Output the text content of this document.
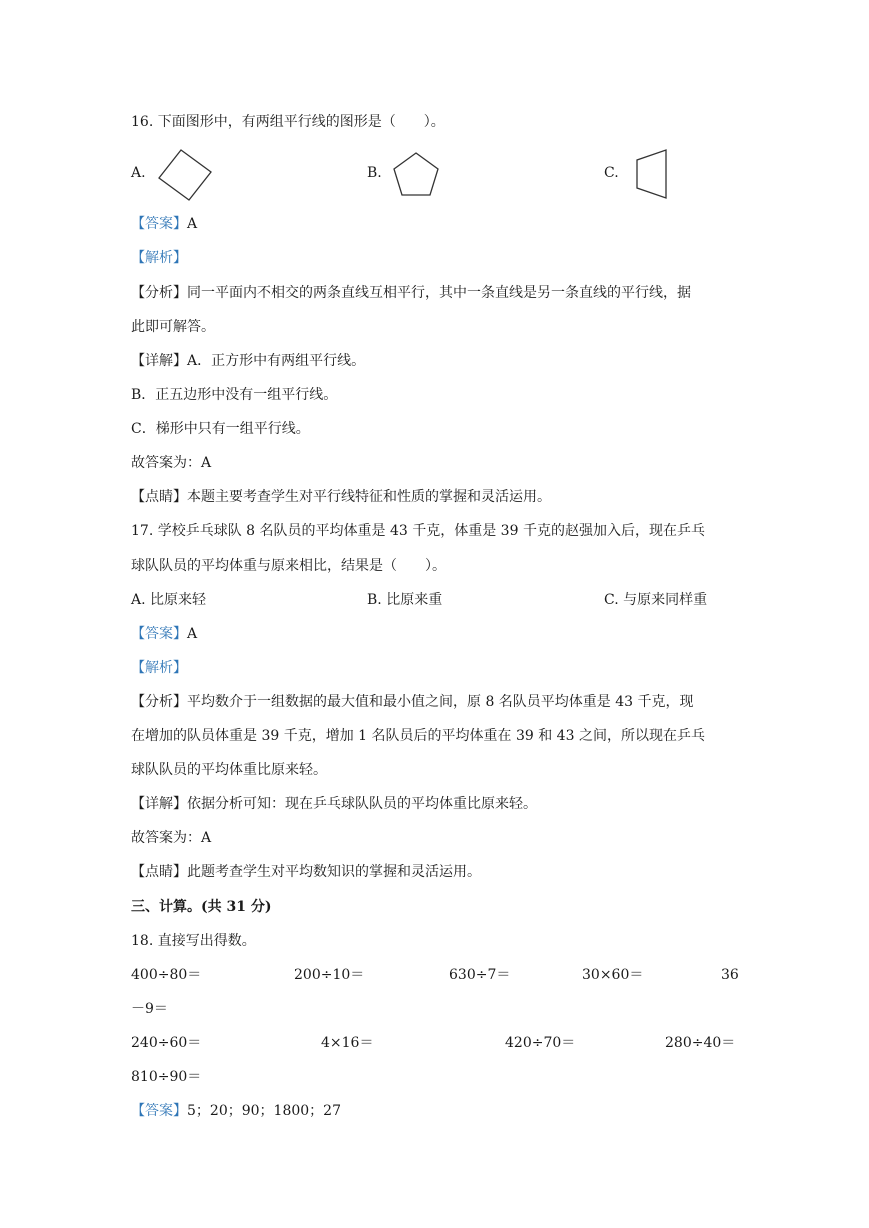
16. 下面图形中，有两组平行线的图形是（　　）。
A.	B.	C.
【答案】A
【解析】
【分析】同一平面内不相交的两条直线互相平行，其中一条直线是另一条直线的平行线，据
此即可解答。
【详解】A．正方形中有两组平行线。
B．正五边形中没有一组平行线。
C．梯形中只有一组平行线。
故答案为：A
【点睛】本题主要考查学生对平行线特征和性质的掌握和灵活运用。
17. 学校乒乓球队 8 名队员的平均体重是 43 千克，体重是 39 千克的赵强加入后，现在乒乓
球队队员的平均体重与原来相比，结果是（　　）。
A. 比原来轻	B. 比原来重	C. 与原来同样重
【答案】A
【解析】
【分析】平均数介于一组数据的最大值和最小值之间，原 8 名队员平均体重是 43 千克，现
在增加的队员体重是 39 千克，增加 1 名队员后的平均体重在 39 和 43 之间，所以现在乒乓
球队队员的平均体重比原来轻。
【详解】依据分析可知：现在乒乓球队队员的平均体重比原来轻。
故答案为：A
【点睛】此题考查学生对平均数知识的掌握和灵活运用。
三、计算。(共 31 分)
18. 直接写出得数。
400÷80＝	200÷10＝	630÷7＝	30×60＝	36
－9＝
240÷60＝	4×16＝	420÷70＝	280÷40＝
810÷90＝
【答案】5；20；90；1800；27
